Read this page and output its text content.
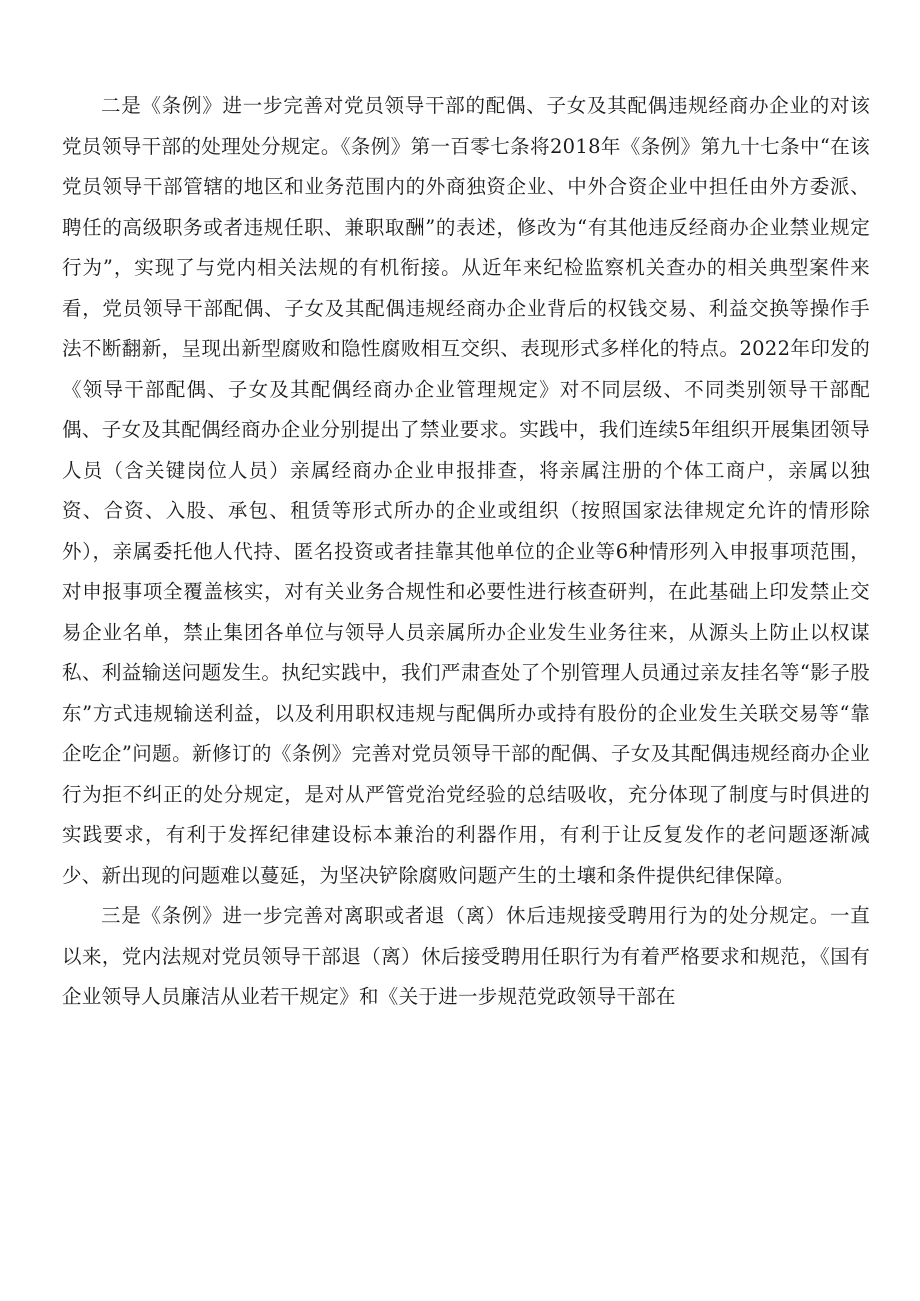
二是《条例》进一步完善对党员领导干部的配偶、子女及其配偶违规经商办企业的对该党员领导干部的处理处分规定。《条例》第一百零七条将2018年《条例》第九十七条中“在该党员领导干部管辖的地区和业务范围内的外商独资企业、中外合资企业中担任由外方委派、聘任的高级职务或者违规任职、兼职取酬”的表述，修改为“有其他违反经商办企业禁业规定行为”，实现了与党内相关法规的有机衔接。从近年来纪检监察机关查办的相关典型案件来看，党员领导干部配偶、子女及其配偶违规经商办企业背后的权钱交易、利益交换等操作手法不断翻新，呈现出新型腐败和隐性腐败相互交织、表现形式多样化的特点。2022年印发的《领导干部配偶、子女及其配偶经商办企业管理规定》对不同层级、不同类别领导干部配偶、子女及其配偶经商办企业分别提出了禁业要求。实践中，我们连续5年组织开展集团领导人员（含关键岗位人员）亲属经商办企业申报排查，将亲属注册的个体工商户，亲属以独资、合资、入股、承包、租赁等形式所办的企业或组织（按照国家法律规定允许的情形除外），亲属委托他人代持、匿名投资或者挂靠其他单位的企业等6种情形列入申报事项范围，对申报事项全覆盖核实，对有关业务合规性和必要性进行核查研判，在此基础上印发禁止交易企业名单，禁止集团各单位与领导人员亲属所办企业发生业务往来，从源头上防止以权谋私、利益输送问题发生。执纪实践中，我们严肃查处了个别管理人员通过亲友挂名等“影子股东”方式违规输送利益，以及利用职权违规与配偶所办或持有股份的企业发生关联交易等“靠企吃企”问题。新修订的《条例》完善对党员领导干部的配偶、子女及其配偶违规经商办企业行为拒不纠正的处分规定，是对从严管党治党经验的总结吸收，充分体现了制度与时俱进的实践要求，有利于发挥纪律建设标本兼治的利器作用，有利于让反复发作的老问题逐渐减少、新出现的问题难以蔓延，为坚决铲除腐败问题产生的土壤和条件提供纪律保障。

三是《条例》进一步完善对离职或者退（离）休后违规接受聘用行为的处分规定。一直以来，党内法规对党员领导干部退（离）休后接受聘用任职行为有着严格要求和规范，《国有企业领导人员廉洁从业若干规定》和《关于进一步规范党政领导干部在
